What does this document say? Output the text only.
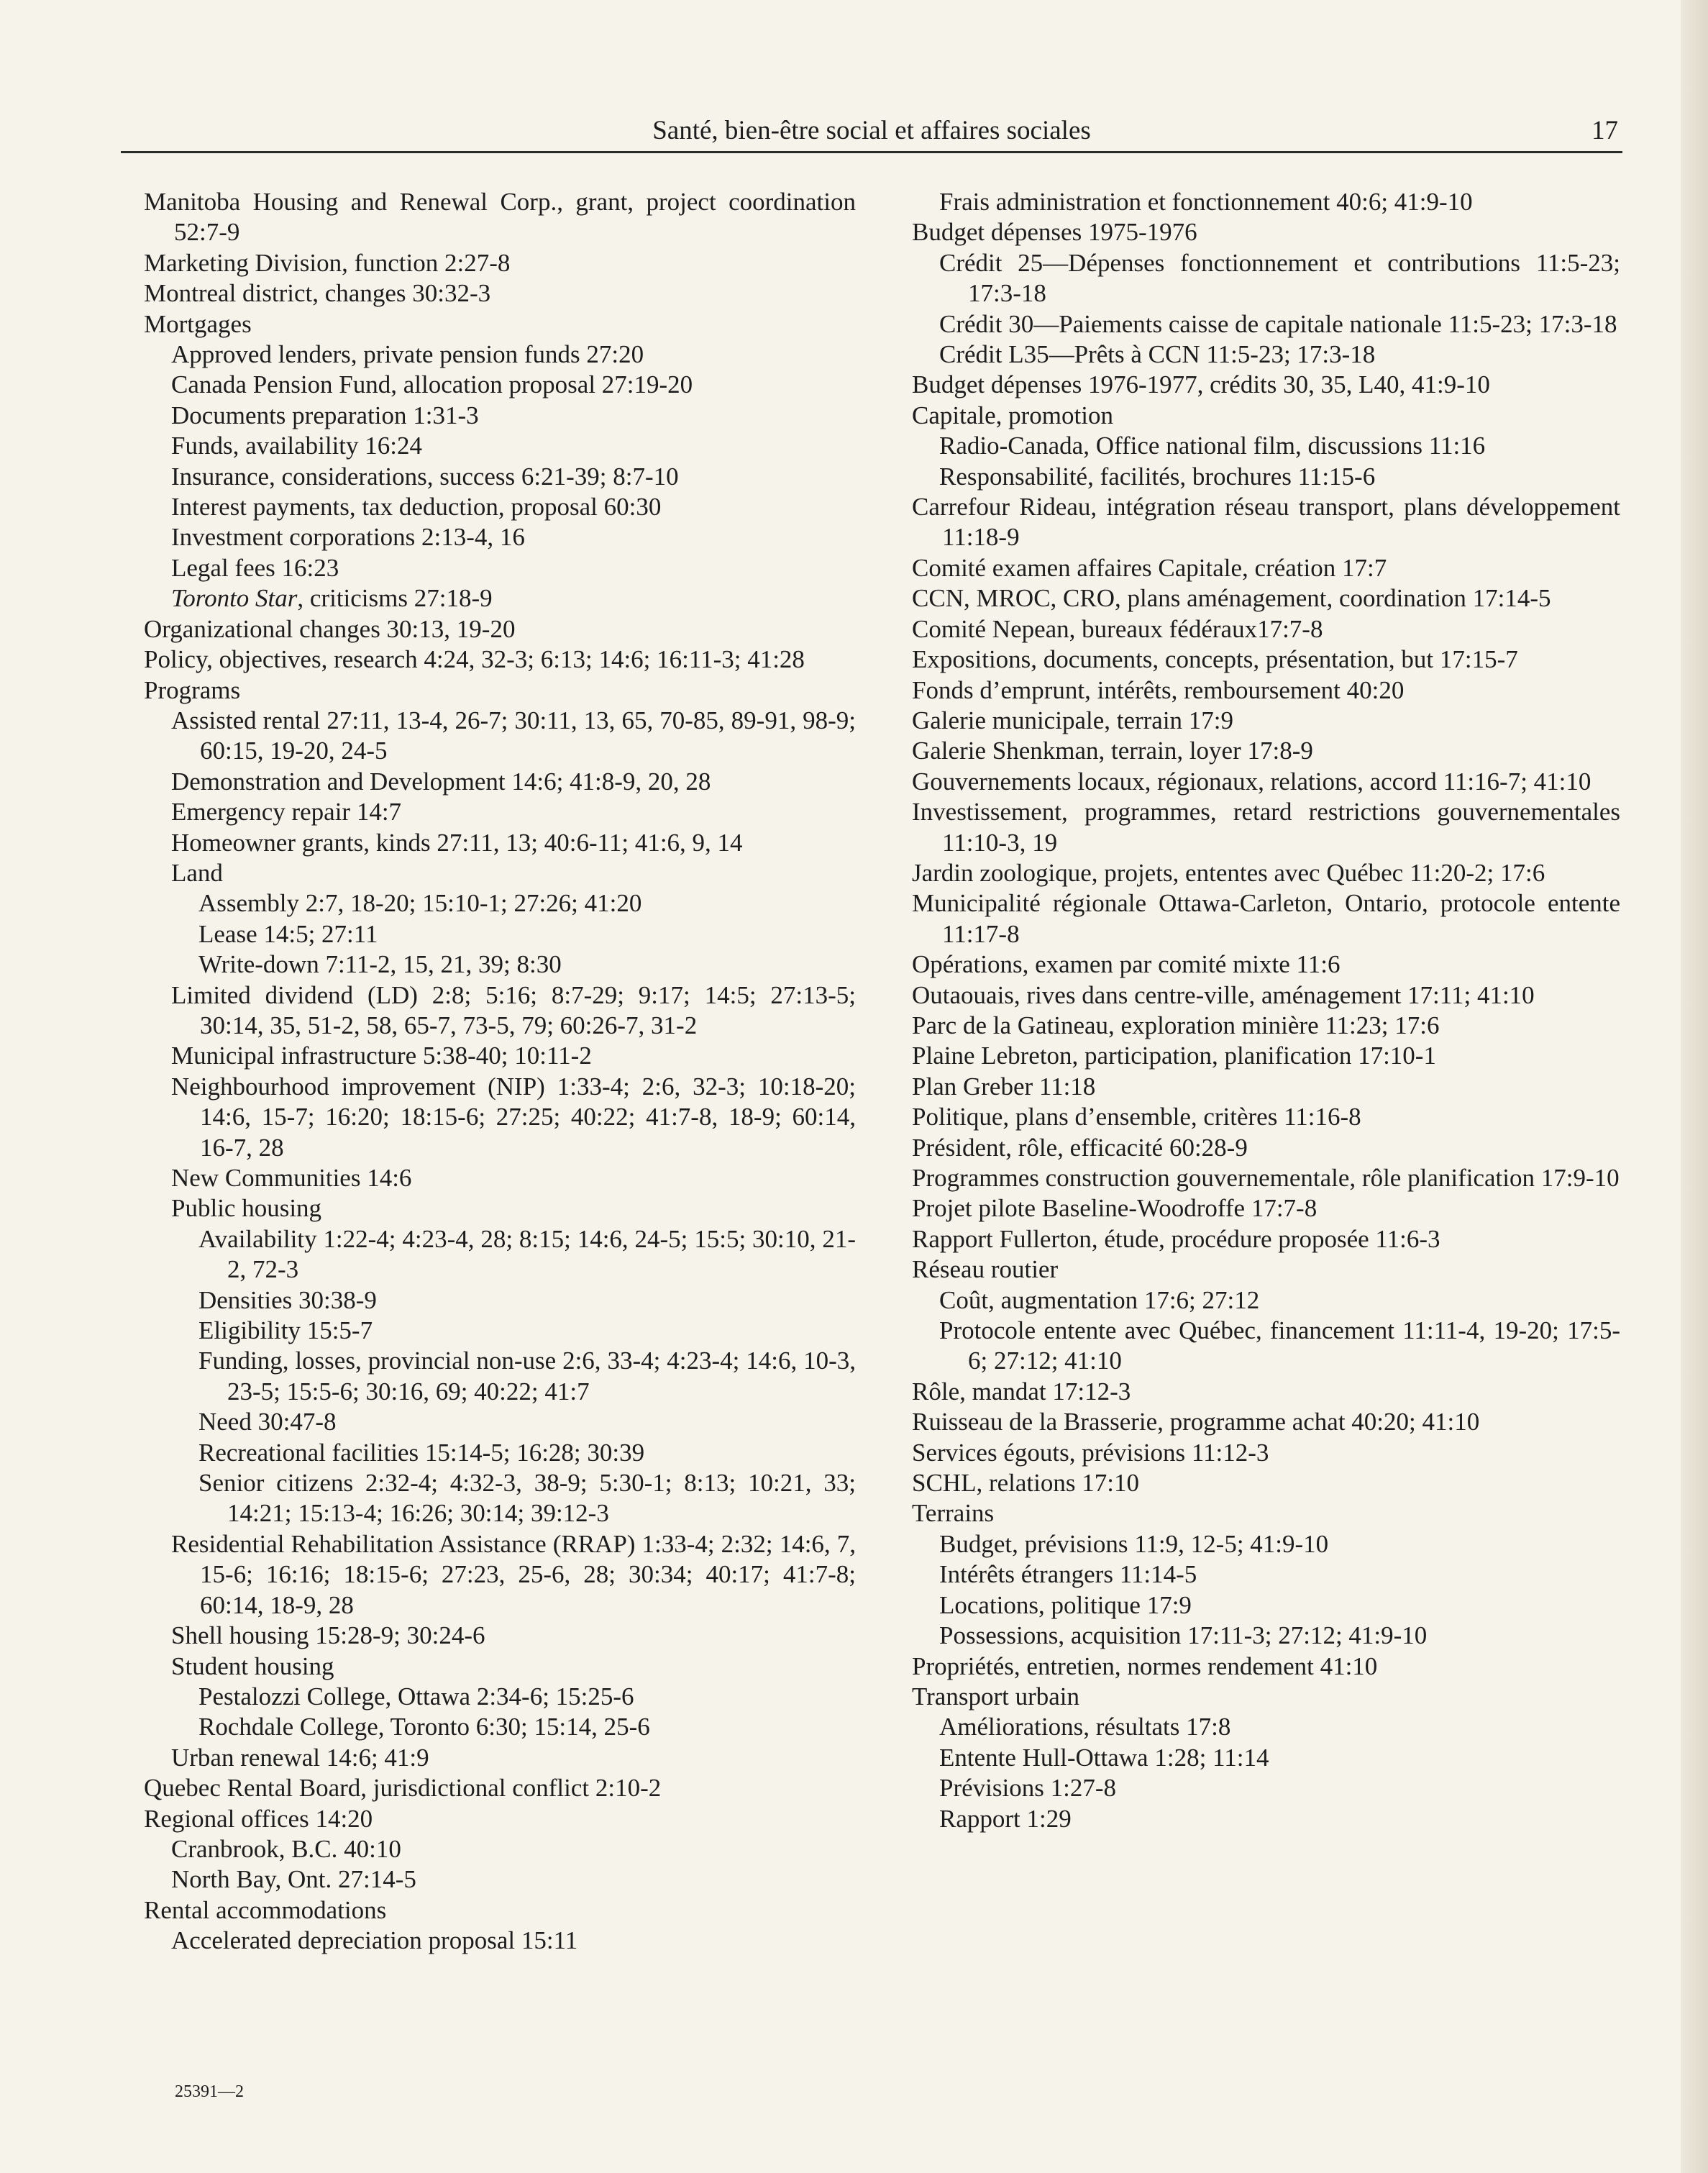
Santé, bien-être social et affaires sociales	17
Manitoba Housing and Renewal Corp., grant, project coordination 52:7-9
Marketing Division, function 2:27-8
Montreal district, changes 30:32-3
Mortgages
Approved lenders, private pension funds 27:20
Canada Pension Fund, allocation proposal 27:19-20
Documents preparation 1:31-3
Funds, availability 16:24
Insurance, considerations, success 6:21-39; 8:7-10
Interest payments, tax deduction, proposal 60:30
Investment corporations 2:13-4, 16
Legal fees 16:23
Toronto Star, criticisms 27:18-9
Organizational changes 30:13, 19-20
Policy, objectives, research 4:24, 32-3; 6:13; 14:6; 16:11-3; 41:28
Programs
Assisted rental 27:11, 13-4, 26-7; 30:11, 13, 65, 70-85, 89-91, 98-9; 60:15, 19-20, 24-5
Demonstration and Development 14:6; 41:8-9, 20, 28
Emergency repair 14:7
Homeowner grants, kinds 27:11, 13; 40:6-11; 41:6, 9, 14
Land
Assembly 2:7, 18-20; 15:10-1; 27:26; 41:20
Lease 14:5; 27:11
Write-down 7:11-2, 15, 21, 39; 8:30
Limited dividend (LD) 2:8; 5:16; 8:7-29; 9:17; 14:5; 27:13-5; 30:14, 35, 51-2, 58, 65-7, 73-5, 79; 60:26-7, 31-2
Municipal infrastructure 5:38-40; 10:11-2
Neighbourhood improvement (NIP) 1:33-4; 2:6, 32-3; 10:18-20; 14:6, 15-7; 16:20; 18:15-6; 27:25; 40:22; 41:7-8, 18-9; 60:14, 16-7, 28
New Communities 14:6
Public housing
Availability 1:22-4; 4:23-4, 28; 8:15; 14:6, 24-5; 15:5; 30:10, 21-2, 72-3
Densities 30:38-9
Eligibility 15:5-7
Funding, losses, provincial non-use 2:6, 33-4; 4:23-4; 14:6, 10-3, 23-5; 15:5-6; 30:16, 69; 40:22; 41:7
Need 30:47-8
Recreational facilities 15:14-5; 16:28; 30:39
Senior citizens 2:32-4; 4:32-3, 38-9; 5:30-1; 8:13; 10:21, 33; 14:21; 15:13-4; 16:26; 30:14; 39:12-3
Residential Rehabilitation Assistance (RRAP) 1:33-4; 2:32; 14:6, 7, 15-6; 16:16; 18:15-6; 27:23, 25-6, 28; 30:34; 40:17; 41:7-8; 60:14, 18-9, 28
Shell housing 15:28-9; 30:24-6
Student housing
Pestalozzi College, Ottawa 2:34-6; 15:25-6
Rochdale College, Toronto 6:30; 15:14, 25-6
Urban renewal 14:6; 41:9
Quebec Rental Board, jurisdictional conflict 2:10-2
Regional offices 14:20
Cranbrook, B.C. 40:10
North Bay, Ont. 27:14-5
Rental accommodations
Accelerated depreciation proposal 15:11
Frais administration et fonctionnement 40:6; 41:9-10
Budget dépenses 1975-1976
Crédit 25—Dépenses fonctionnement et contributions 11:5-23; 17:3-18
Crédit 30—Paiements caisse de capitale nationale 11:5-23; 17:3-18
Crédit L35—Prêts à CCN 11:5-23; 17:3-18
Budget dépenses 1976-1977, crédits 30, 35, L40, 41:9-10
Capitale, promotion
Radio-Canada, Office national film, discussions 11:16
Responsabilité, facilités, brochures 11:15-6
Carrefour Rideau, intégration réseau transport, plans développement 11:18-9
Comité examen affaires Capitale, création 17:7
CCN, MROC, CRO, plans aménagement, coordination 17:14-5
Comité Nepean, bureaux fédéraux17:7-8
Expositions, documents, concepts, présentation, but 17:15-7
Fonds d’emprunt, intérêts, remboursement 40:20
Galerie municipale, terrain 17:9
Galerie Shenkman, terrain, loyer 17:8-9
Gouvernements locaux, régionaux, relations, accord 11:16-7; 41:10
Investissement, programmes, retard restrictions gouvernementales 11:10-3, 19
Jardin zoologique, projets, ententes avec Québec 11:20-2; 17:6
Municipalité régionale Ottawa-Carleton, Ontario, protocole entente 11:17-8
Opérations, examen par comité mixte 11:6
Outaouais, rives dans centre-ville, aménagement 17:11; 41:10
Parc de la Gatineau, exploration minière 11:23; 17:6
Plaine Lebreton, participation, planification 17:10-1
Plan Greber 11:18
Politique, plans d’ensemble, critères 11:16-8
Président, rôle, efficacité 60:28-9
Programmes construction gouvernementale, rôle planification 17:9-10
Projet pilote Baseline-Woodroffe 17:7-8
Rapport Fullerton, étude, procédure proposée 11:6-3
Réseau routier
Coût, augmentation 17:6; 27:12
Protocole entente avec Québec, financement 11:11-4, 19-20; 17:5-6; 27:12; 41:10
Rôle, mandat 17:12-3
Ruisseau de la Brasserie, programme achat 40:20; 41:10
Services égouts, prévisions 11:12-3
SCHL, relations 17:10
Terrains
Budget, prévisions 11:9, 12-5; 41:9-10
Intérêts étrangers 11:14-5
Locations, politique 17:9
Possessions, acquisition 17:11-3; 27:12; 41:9-10
Propriétés, entretien, normes rendement 41:10
Transport urbain
Améliorations, résultats 17:8
Entente Hull-Ottawa 1:28; 11:14
Prévisions 1:27-8
Rapport 1:29
25391—2
